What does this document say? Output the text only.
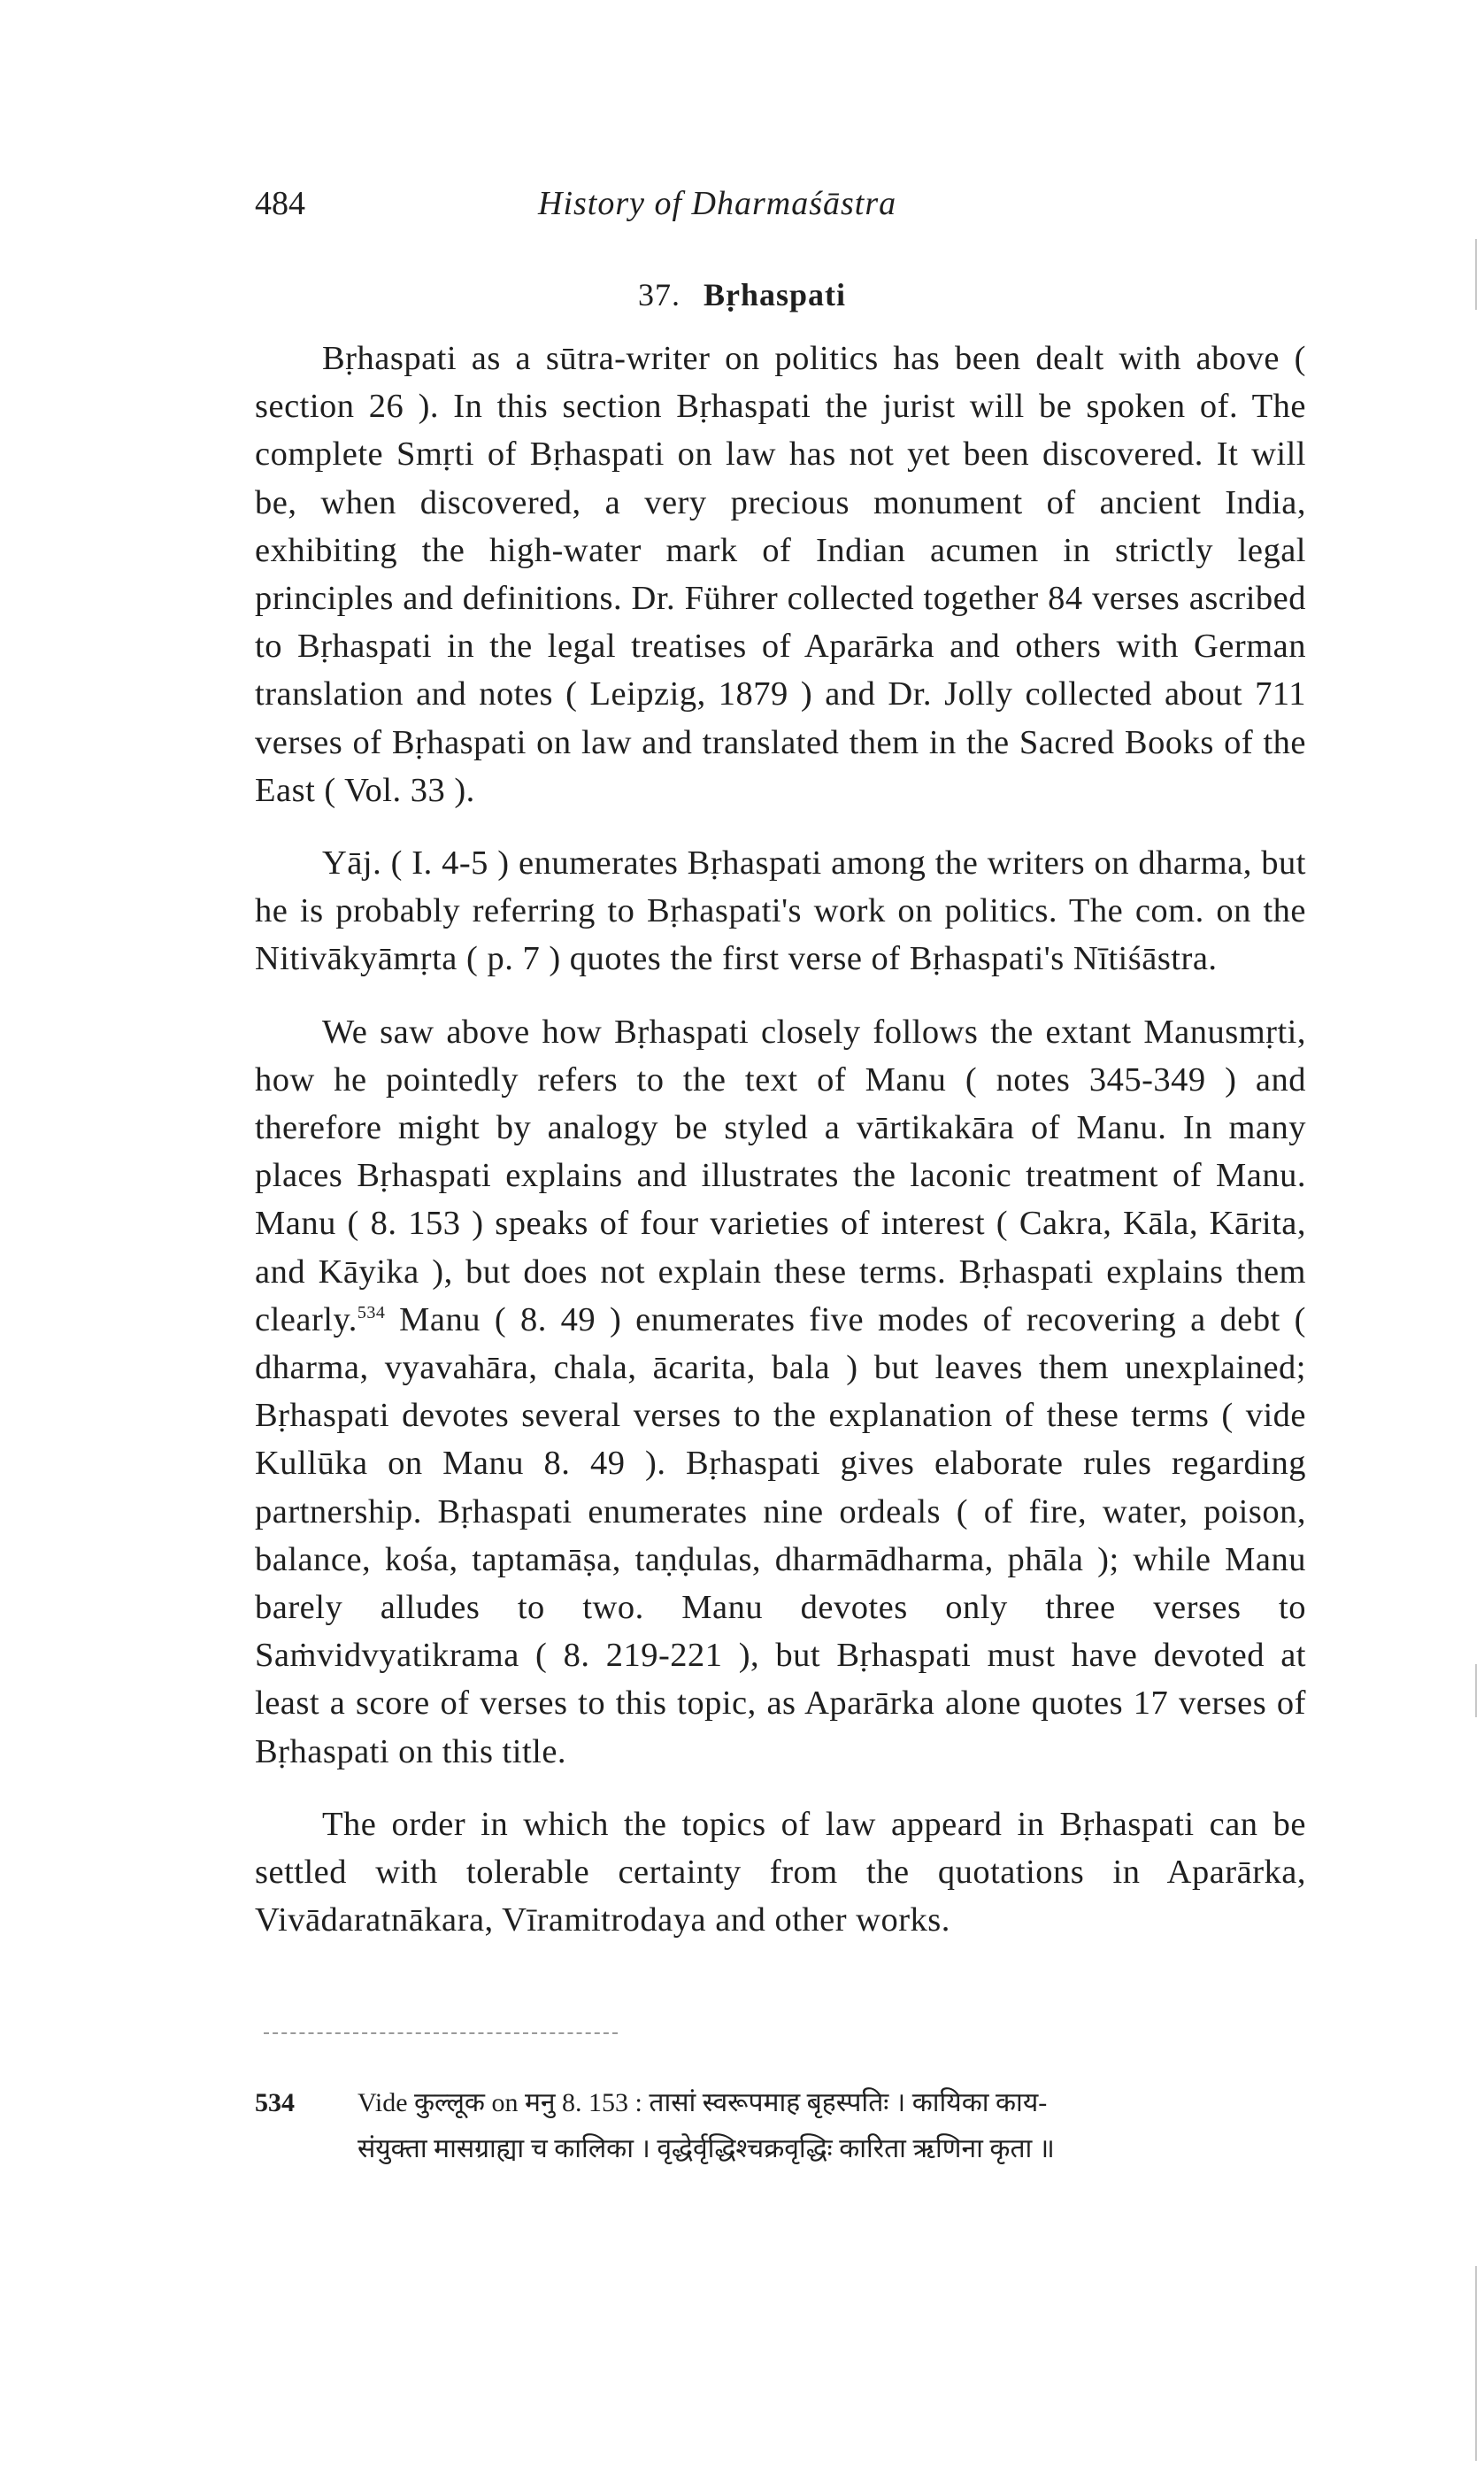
484	History of Dharmaśāstra
37. Bṛhaspati

Bṛhaspati as a sūtra-writer on politics has been dealt with above ( section 26 ). In this section Bṛhaspati the jurist will be spoken of. The complete Smṛti of Bṛhaspati on law has not yet been discovered. It will be, when discovered, a very precious monument of ancient India, exhibiting the high-water mark of Indian acumen in strictly legal principles and definitions. Dr. Führer collected together 84 verses ascribed to Bṛhaspati in the legal treatises of Aparārka and others with German translation and notes ( Leipzig, 1879 ) and Dr. Jolly collected about 711 verses of Bṛhaspati on law and translated them in the Sacred Books of the East ( Vol. 33 ).

Yāj. ( I. 4-5 ) enumerates Bṛhaspati among the writers on dharma, but he is probably referring to Bṛhaspati's work on politics. The com. on the Nitivākyāmṛta ( p. 7 ) quotes the first verse of Bṛhaspati's Nītiśāstra.

We saw above how Bṛhaspati closely follows the extant Manusmṛti, how he pointedly refers to the text of Manu ( notes 345-349 ) and therefore might by analogy be styled a vārtikakāra of Manu. In many places Bṛhaspati explains and illustrates the laconic treatment of Manu. Manu ( 8. 153 ) speaks of four varieties of interest ( Cakra, Kāla, Kārita, and Kāyika ), but does not explain these terms. Bṛhaspati explains them clearly.$^{534}$ Manu ( 8. 49 ) enumerates five modes of recovering a debt ( dharma, vyavahāra, chala, ācarita, bala ) but leaves them unexplained; Bṛhaspati devotes several verses to the explanation of these terms ( vide Kullūka on Manu 8. 49 ). Bṛhaspati gives elaborate rules regarding partnership. Bṛhaspati enumerates nine ordeals ( of fire, water, poison, balance, kośa, taptamāṣa, taṇḍulas, dharmādharma, phāla ); while Manu barely alludes to two. Manu devotes only three verses to Saṁvidvyatikrama ( 8. 219-221 ), but Bṛhaspati must have devoted at least a score of verses to this topic, as Aparārka alone quotes 17 verses of Bṛhaspati on this title.

The order in which the topics of law appeard in Bṛhaspati can be settled with tolerable certainty from the quotations in Aparārka, Vivādaratnākara, Vīramitrodaya and other works.

534	Vide कुल्लूक on मनु 8. 153 : तासां स्वरूपमाह बृहस्पतिः । कायिका काय-
संयुक्ता मासग्राह्या च कालिका । वृद्धेर्वृद्धिश्चक्रवृद्धिः कारिता ऋणिना कृता ॥
